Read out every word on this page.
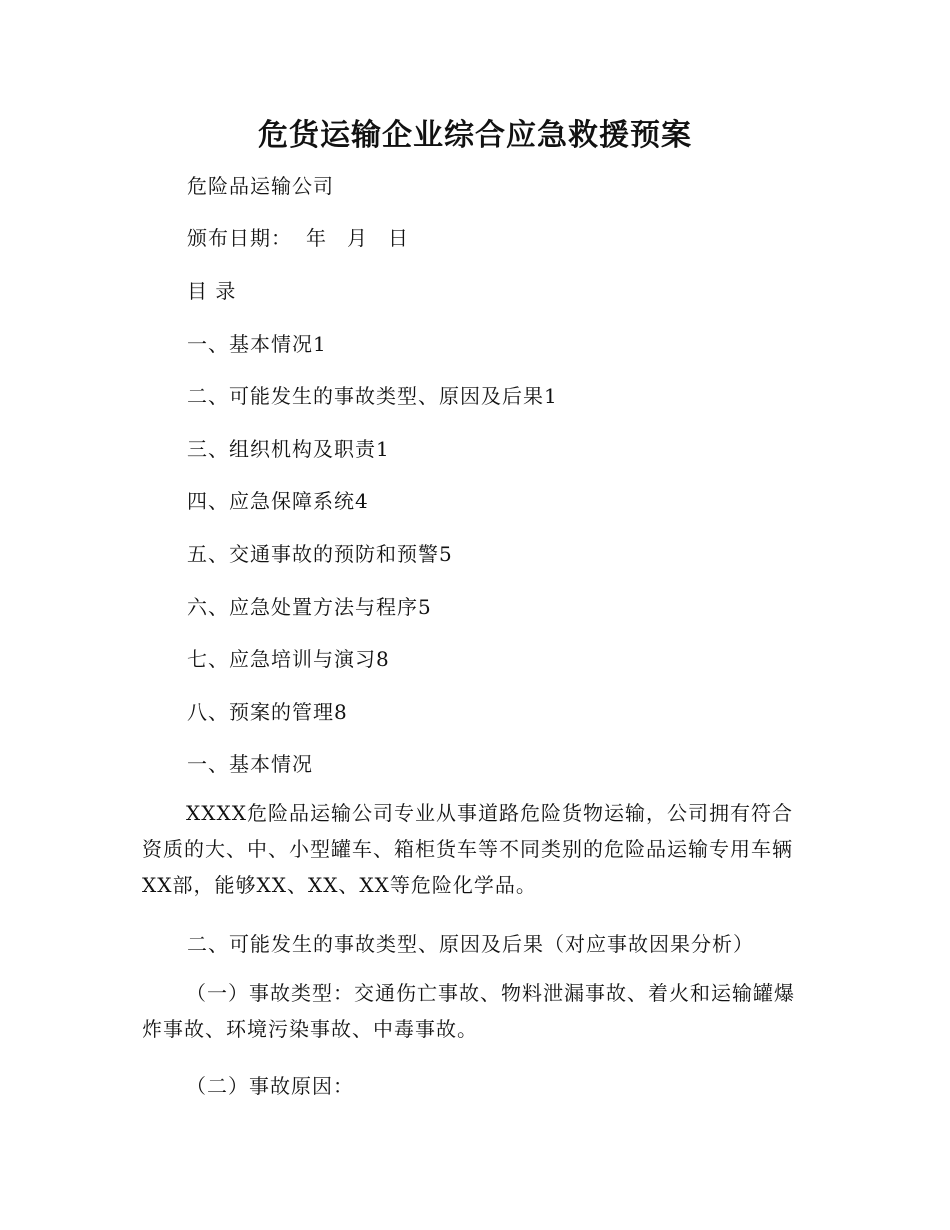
危货运输企业综合应急救援预案
危险品运输公司
颁布日期： 年 月 日
目 录
一、基本情况1
二、可能发生的事故类型、原因及后果1
三、组织机构及职责1
四、应急保障系统4
五、交通事故的预防和预警5
六、应急处置方法与程序5
七、应急培训与演习8
八、预案的管理8
一、基本情况
XXXX危险品运输公司专业从事道路危险货物运输，公司拥有符合资质的大、中、小型罐车、箱柜货车等不同类别的危险品运输专用车辆XX部，能够XX、XX、XX等危险化学品。
二、可能发生的事故类型、原因及后果（对应事故因果分析）
（一）事故类型：交通伤亡事故、物料泄漏事故、着火和运输罐爆炸事故、环境污染事故、中毒事故。
（二）事故原因：
